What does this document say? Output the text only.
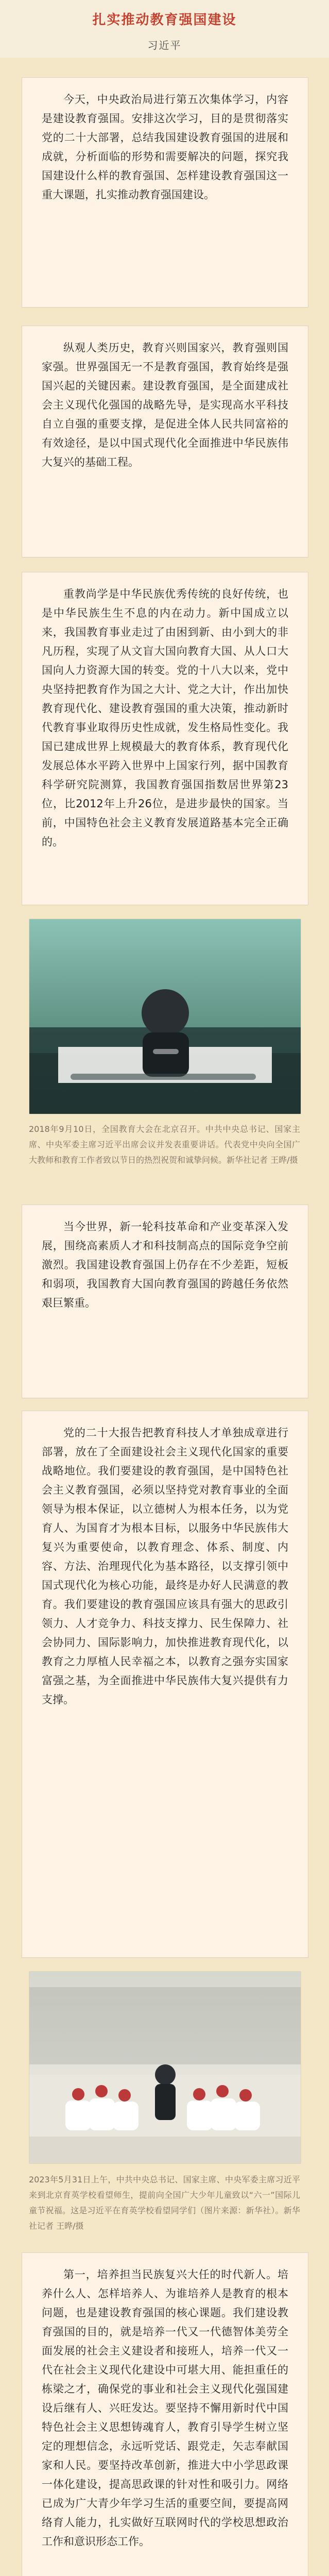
扎实推动教育强国建设
习近平

今天，中央政治局进行第五次集体学习，内容是建设教育强国。安排这次学习，目的是贯彻落实党的二十大部署，总结我国建设教育强国的进展和成就，分析面临的形势和需要解决的问题，探究我国建设什么样的教育强国、怎样建设教育强国这一重大课题，扎实推动教育强国建设。

纵观人类历史，教育兴则国家兴，教育强则国家强。世界强国无一不是教育强国，教育始终是强国兴起的关键因素。建设教育强国，是全面建成社会主义现代化强国的战略先导，是实现高水平科技自立自强的重要支撑，是促进全体人民共同富裕的有效途径，是以中国式现代化全面推进中华民族伟大复兴的基础工程。

重教尚学是中华民族优秀传统的良好传统，也是中华民族生生不息的内在动力。新中国成立以来，我国教育事业走过了由困到新、由小到大的非凡历程，实现了从文盲大国向教育大国、从人口大国向人力资源大国的转变。党的十八大以来，党中央坚持把教育作为国之大计、党之大计，作出加快教育现代化、建设教育强国的重大决策，推动新时代教育事业取得历史性成就，发生格局性变化。我国已建成世界上规模最大的教育体系，教育现代化发展总体水平跨入世界中上国家行列，据中国教育科学研究院测算，我国教育强国指数居世界第23位，比2012年上升26位，是进步最快的国家。当前，中国特色社会主义教育发展道路基本完全正确的。

2018年9月10日，全国教育大会在北京召开。中共中央总书记、国家主席、中央军委主席习近平出席会议并发表重要讲话。代表党中央向全国广大教师和教育工作者致以节日的热烈祝贺和诚挚问候。新华社记者 王晔/摄

当今世界，新一轮科技革命和产业变革深入发展，围绕高素质人才和科技制高点的国际竞争空前激烈。我国建设教育强国上仍存在不少差距，短板和弱项，我国教育大国向教育强国的跨越任务依然艰巨繁重。

党的二十大报告把教育科技人才单独成章进行部署，放在了全面建设社会主义现代化国家的重要战略地位。我们要建设的教育强国，是中国特色社会主义教育强国，必须以坚持党对教育事业的全面领导为根本保证，以立德树人为根本任务，以为党育人、为国育才为根本目标，以服务中华民族伟大复兴为重要使命，以教育理念、体系、制度、内容、方法、治理现代化为基本路径，以支撑引领中国式现代化为核心功能，最终是办好人民满意的教育。我们要建设的教育强国应该具有强大的思政引领力、人才竞争力、科技支撑力、民生保障力、社会协同力、国际影响力，加快推进教育现代化，以教育之力厚植人民幸福之本，以教育之强夯实国家富强之基，为全面推进中华民族伟大复兴提供有力支撑。

2023年5月31日上午，中共中央总书记、国家主席、中央军委主席习近平来到北京育英学校看望师生，提前向全国广大少年儿童致以“六一”国际儿童节祝福。这是习近平在育英学校看望同学们（图片来源：新华社）。新华社记者 王晔/摄

第一，培养担当民族复兴大任的时代新人。培养什么人、怎样培养人、为谁培养人是教育的根本问题，也是建设教育强国的核心课题。我们建设教育强国的目的，就是培养一代又一代德智体美劳全面发展的社会主义建设者和接班人，培养一代又一代在社会主义现代化建设中可堪大用、能担重任的栋梁之才，确保党的事业和社会主义现代化强国建设后继有人、兴旺发达。要坚持不懈用新时代中国特色社会主义思想铸魂育人，教育引导学生树立坚定的理想信念，永远听党话、跟党走，矢志奉献国家和人民。要坚持改革创新，推进大中小学思政课一体化建设，提高思政课的针对性和吸引力。网络已成为广大青少年学习生活的重要空间，要提高网络育人能力，扎实做好互联网时代的学校思想政治工作和意识形态工作。
